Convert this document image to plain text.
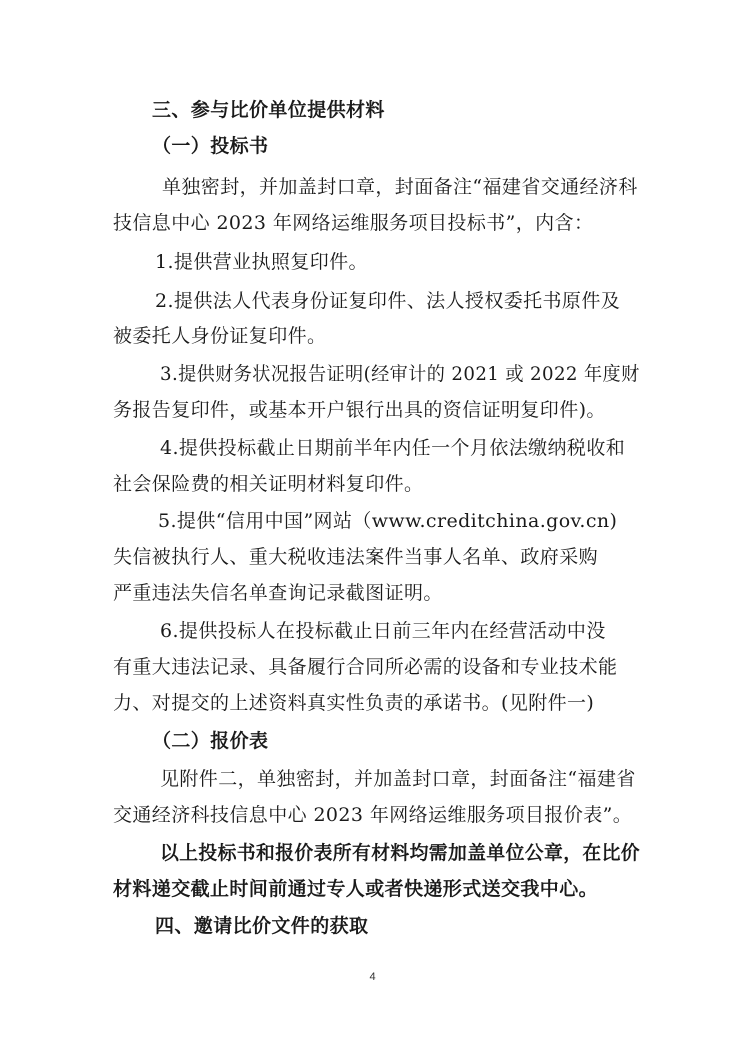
三、参与比价单位提供材料
（一）投标书
单独密封，并加盖封口章，封面备注“福建省交通经济科
技信息中心 2023 年网络运维服务项目投标书”，内含：
1.提供营业执照复印件。
2.提供法人代表身份证复印件、法人授权委托书原件及
被委托人身份证复印件。
3.提供财务状况报告证明(经审计的 2021 或 2022 年度财
务报告复印件，或基本开户银行出具的资信证明复印件)。
4.提供投标截止日期前半年内任一个月依法缴纳税收和
社会保险费的相关证明材料复印件。
5.提供“信用中国”网站（www.creditchina.gov.cn)
失信被执行人、重大税收违法案件当事人名单、政府采购
严重违法失信名单查询记录截图证明。
6.提供投标人在投标截止日前三年内在经营活动中没
有重大违法记录、具备履行合同所必需的设备和专业技术能
力、对提交的上述资料真实性负责的承诺书。(见附件一)
（二）报价表
见附件二，单独密封，并加盖封口章，封面备注“福建省
交通经济科技信息中心 2023 年网络运维服务项目报价表”。
以上投标书和报价表所有材料均需加盖单位公章，在比价
材料递交截止时间前通过专人或者快递形式送交我中心。
四、邀请比价文件的获取
4
